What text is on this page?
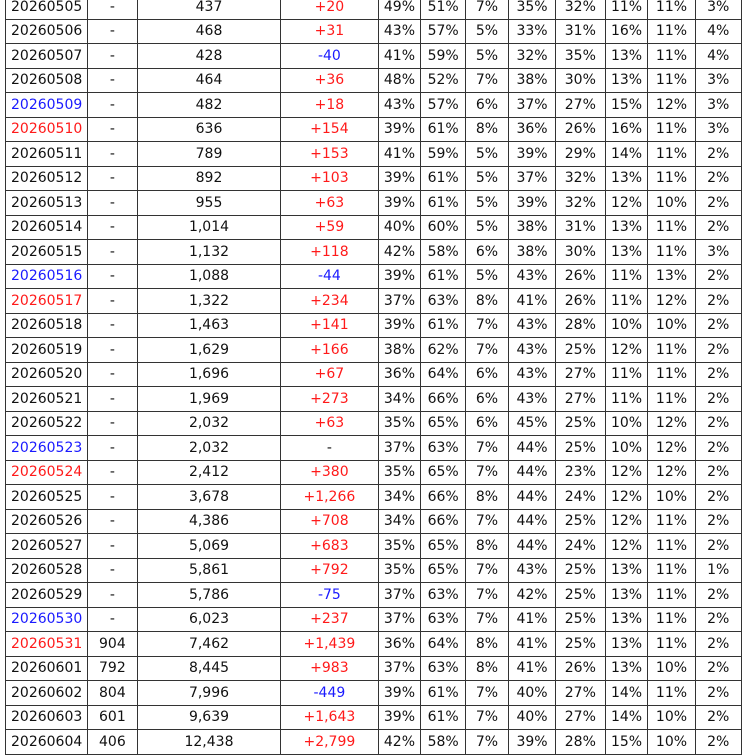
20260505	-	437	+20	49%	51%	7%	35%	32%	11%	11%	3%
20260506	-	468	+31	43%	57%	5%	33%	31%	16%	11%	4%
20260507	-	428	-40	41%	59%	5%	32%	35%	13%	11%	4%
20260508	-	464	+36	48%	52%	7%	38%	30%	13%	11%	3%
20260509	-	482	+18	43%	57%	6%	37%	27%	15%	12%	3%
20260510	-	636	+154	39%	61%	8%	36%	26%	16%	11%	3%
20260511	-	789	+153	41%	59%	5%	39%	29%	14%	11%	2%
20260512	-	892	+103	39%	61%	5%	37%	32%	13%	11%	2%
20260513	-	955	+63	39%	61%	5%	39%	32%	12%	10%	2%
20260514	-	1,014	+59	40%	60%	5%	38%	31%	13%	11%	2%
20260515	-	1,132	+118	42%	58%	6%	38%	30%	13%	11%	3%
20260516	-	1,088	-44	39%	61%	5%	43%	26%	11%	13%	2%
20260517	-	1,322	+234	37%	63%	8%	41%	26%	11%	12%	2%
20260518	-	1,463	+141	39%	61%	7%	43%	28%	10%	10%	2%
20260519	-	1,629	+166	38%	62%	7%	43%	25%	12%	11%	2%
20260520	-	1,696	+67	36%	64%	6%	43%	27%	11%	11%	2%
20260521	-	1,969	+273	34%	66%	6%	43%	27%	11%	11%	2%
20260522	-	2,032	+63	35%	65%	6%	45%	25%	10%	12%	2%
20260523	-	2,032	-	37%	63%	7%	44%	25%	10%	12%	2%
20260524	-	2,412	+380	35%	65%	7%	44%	23%	12%	12%	2%
20260525	-	3,678	+1,266	34%	66%	8%	44%	24%	12%	10%	2%
20260526	-	4,386	+708	34%	66%	7%	44%	25%	12%	11%	2%
20260527	-	5,069	+683	35%	65%	8%	44%	24%	12%	11%	2%
20260528	-	5,861	+792	35%	65%	7%	43%	25%	13%	11%	1%
20260529	-	5,786	-75	37%	63%	7%	42%	25%	13%	11%	2%
20260530	-	6,023	+237	37%	63%	7%	41%	25%	13%	11%	2%
20260531	904	7,462	+1,439	36%	64%	8%	41%	25%	13%	11%	2%
20260601	792	8,445	+983	37%	63%	8%	41%	26%	13%	10%	2%
20260602	804	7,996	-449	39%	61%	7%	40%	27%	14%	11%	2%
20260603	601	9,639	+1,643	39%	61%	7%	40%	27%	14%	10%	2%
20260604	406	12,438	+2,799	42%	58%	7%	39%	28%	15%	10%	2%
